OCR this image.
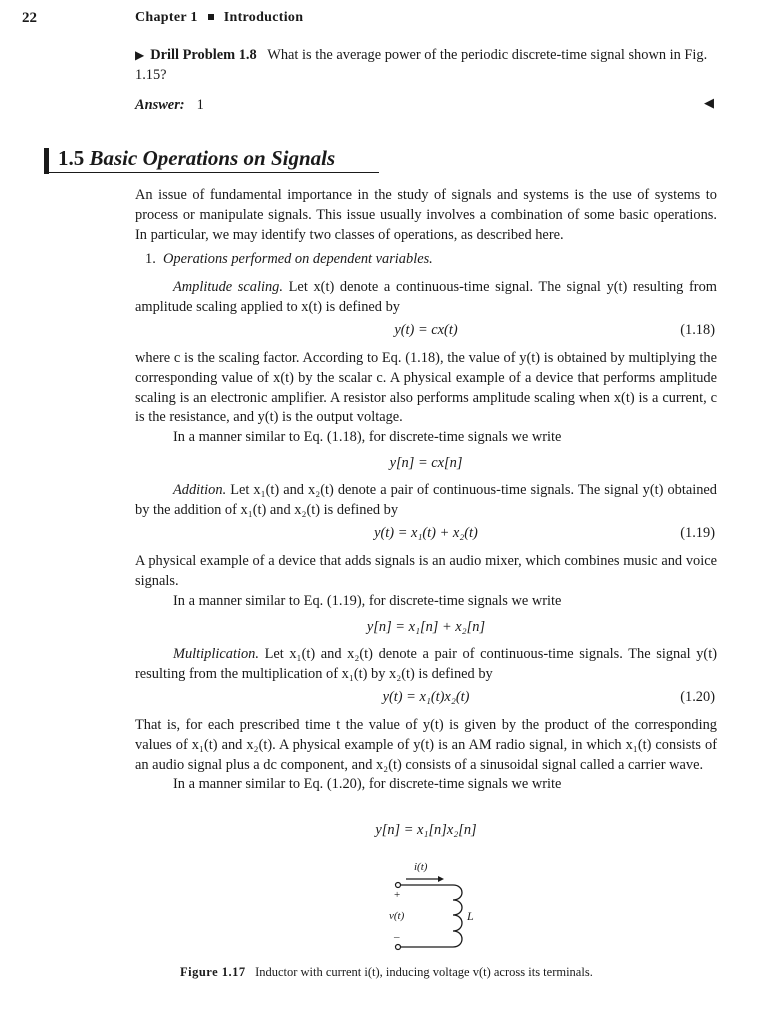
22	Chapter 1 Introduction
▶ Drill Problem 1.8 What is the average power of the periodic discrete-time signal shown in Fig. 1.15?
Answer: 1	◀
1.5 Basic Operations on Signals

An issue of fundamental importance in the study of signals and systems is the use of systems to process or manipulate signals. This issue usually involves a combination of some basic operations. In particular, we may identify two classes of operations, as described here.

1. Operations performed on dependent variables.

Amplitude scaling. Let x(t) denote a continuous-time signal. The signal y(t) resulting from amplitude scaling applied to x(t) is defined by

y(t) = cx(t)	(1.18)

where c is the scaling factor. According to Eq. (1.18), the value of y(t) is obtained by multiplying the corresponding value of x(t) by the scalar c. A physical example of a device that performs amplitude scaling is an electronic amplifier. A resistor also performs amplitude scaling when x(t) is a current, c is the resistance, and y(t) is the output voltage.

In a manner similar to Eq. (1.18), for discrete-time signals we write

y[n] = cx[n]

Addition. Let x₁(t) and x₂(t) denote a pair of continuous-time signals. The signal y(t) obtained by the addition of x₁(t) and x₂(t) is defined by

y(t) = x₁(t) + x₂(t)	(1.19)

A physical example of a device that adds signals is an audio mixer, which combines music and voice signals.

In a manner similar to Eq. (1.19), for discrete-time signals we write

y[n] = x₁[n] + x₂[n]

Multiplication. Let x₁(t) and x₂(t) denote a pair of continuous-time signals. The signal y(t) resulting from the multiplication of x₁(t) by x₂(t) is defined by

y(t) = x₁(t)x₂(t)	(1.20)

That is, for each prescribed time t the value of y(t) is given by the product of the corresponding values of x₁(t) and x₂(t). A physical example of y(t) is an AM radio signal, in which x₁(t) consists of an audio signal plus a dc component, and x₂(t) consists of a sinusoidal signal called a carrier wave.

In a manner similar to Eq. (1.20), for discrete-time signals we write

y[n] = x₁[n]x₂[n]
i(t)
+
v(t)
–
L
Figure 1.17 Inductor with current i(t), inducing voltage v(t) across its terminals.
